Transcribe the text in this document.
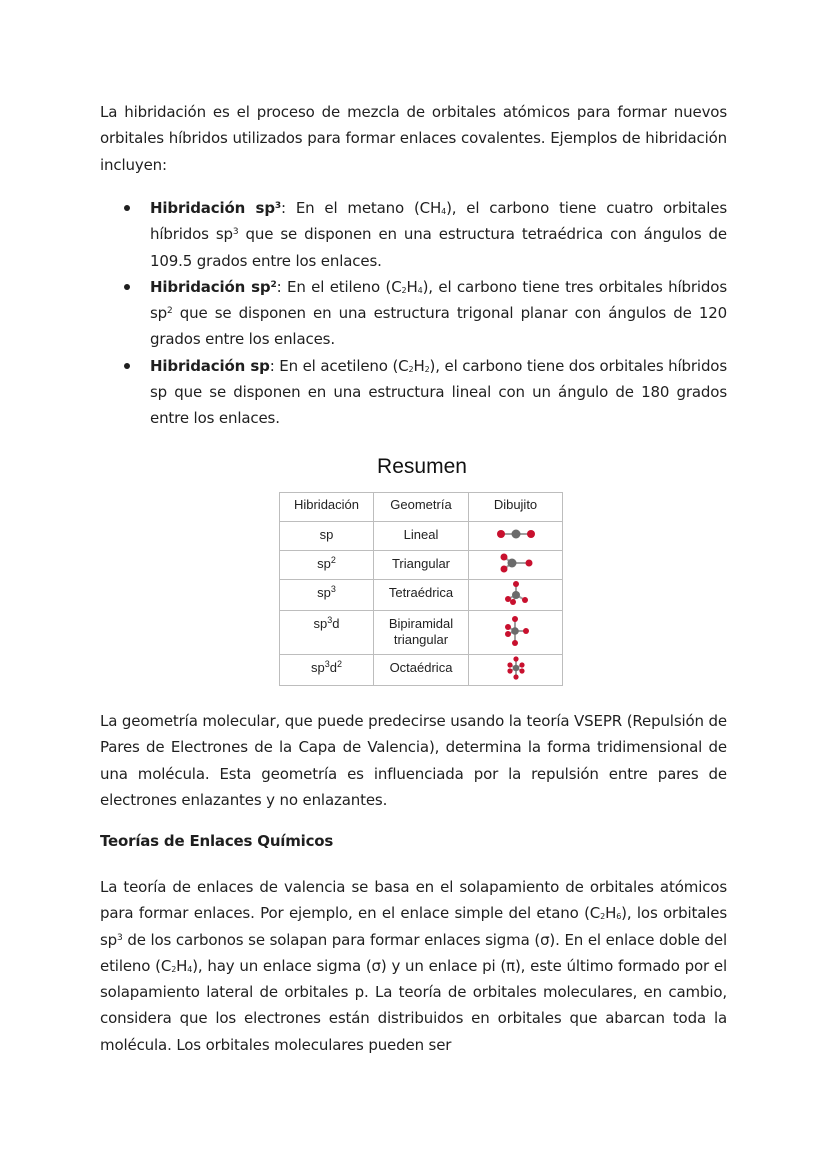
La hibridación es el proceso de mezcla de orbitales atómicos para formar nuevos orbitales híbridos utilizados para formar enlaces covalentes. Ejemplos de hibridación incluyen:

Hibridación $sp^3$: En el metano (CH4), el carbono tiene cuatro orbitales híbridos $sp^3$ que se disponen en una estructura tetraédrica con ángulos de 109.5 grados entre los enlaces.
Hibridación $sp^2$: En el etileno (C2H4), el carbono tiene tres orbitales híbridos $sp^2$ que se disponen en una estructura trigonal planar con ángulos de 120 grados entre los enlaces.
Hibridación sp: En el acetileno (C2H2), el carbono tiene dos orbitales híbridos sp que se disponen en una estructura lineal con un ángulo de 180 grados entre los enlaces.

La geometría molecular, que puede predecirse usando la teoría VSEPR (Repulsión de Pares de Electrones de la Capa de Valencia), determina la forma tridimensional de una molécula. Esta geometría es influenciada por la repulsión entre pares de electrones enlazantes y no enlazantes.

Teorías de Enlaces Químicos

La teoría de enlaces de valencia se basa en el solapamiento de orbitales atómicos para formar enlaces. Por ejemplo, en el enlace simple del etano (C2H6), los orbitales $sp^3$ de los carbonos se solapan para formar enlaces sigma (σ). En el enlace doble del etileno (C2H4), hay un enlace sigma (σ) y un enlace pi (π), este último formado por el solapamiento lateral de orbitales p. La teoría de orbitales moleculares, en cambio, considera que los electrones están distribuidos en orbitales que abarcan toda la molécula. Los orbitales moleculares pueden ser

Resumen
Hibridación	Geometría	Dibujito
sp	Lineal	
$sp^2$	Triangular	
$sp^3$	Tetraédrica	
$sp^3d$	Bipiramidal
triangular	
$sp^3d^2$	Octaédrica	
